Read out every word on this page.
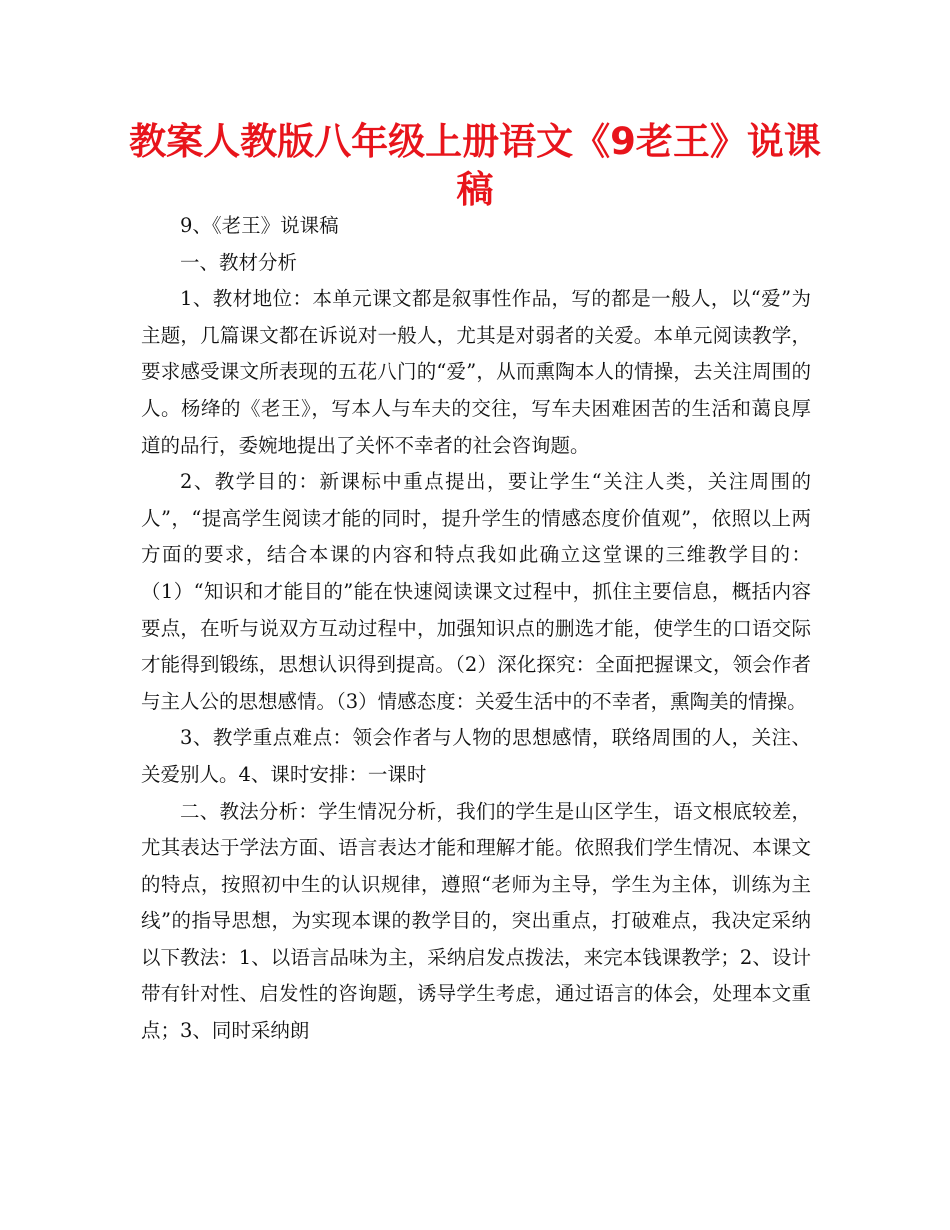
教案人教版八年级上册语文《9老王》说课稿

9、《老王》说课稿

一、教材分析

1、教材地位：本单元课文都是叙事性作品，写的都是一般人，以“爱”为主题，几篇课文都在诉说对一般人，尤其是对弱者的关爱。本单元阅读教学，要求感受课文所表现的五花八门的“爱”，从而熏陶本人的情操，去关注周围的人。杨绛的《老王》，写本人与车夫的交往，写车夫困难困苦的生活和蔼良厚道的品行，委婉地提出了关怀不幸者的社会咨询题。

2、教学目的：新课标中重点提出，要让学生“关注人类，关注周围的人”，“提高学生阅读才能的同时，提升学生的情感态度价值观”，依照以上两方面的要求，结合本课的内容和特点我如此确立这堂课的三维教学目的：（1）“知识和才能目的”能在快速阅读课文过程中，抓住主要信息，概括内容要点，在听与说双方互动过程中，加强知识点的删选才能，使学生的口语交际才能得到锻练，思想认识得到提高。（2）深化探究：全面把握课文，领会作者与主人公的思想感情。（3）情感态度：关爱生活中的不幸者，熏陶美的情操。

3、教学重点难点：领会作者与人物的思想感情，联络周围的人，关注、关爱别人。4、课时安排：一课时

二、教法分析：学生情况分析，我们的学生是山区学生，语文根底较差，尤其表达于学法方面、语言表达才能和理解才能。依照我们学生情况、本课文的特点，按照初中生的认识规律，遵照“老师为主导，学生为主体，训练为主线”的指导思想，为实现本课的教学目的，突出重点，打破难点，我决定采纳以下教法：1、以语言品味为主，采纳启发点拨法，来完本钱课教学；2、设计带有针对性、启发性的咨询题，诱导学生考虑，通过语言的体会，处理本文重点；3、同时采纳朗
